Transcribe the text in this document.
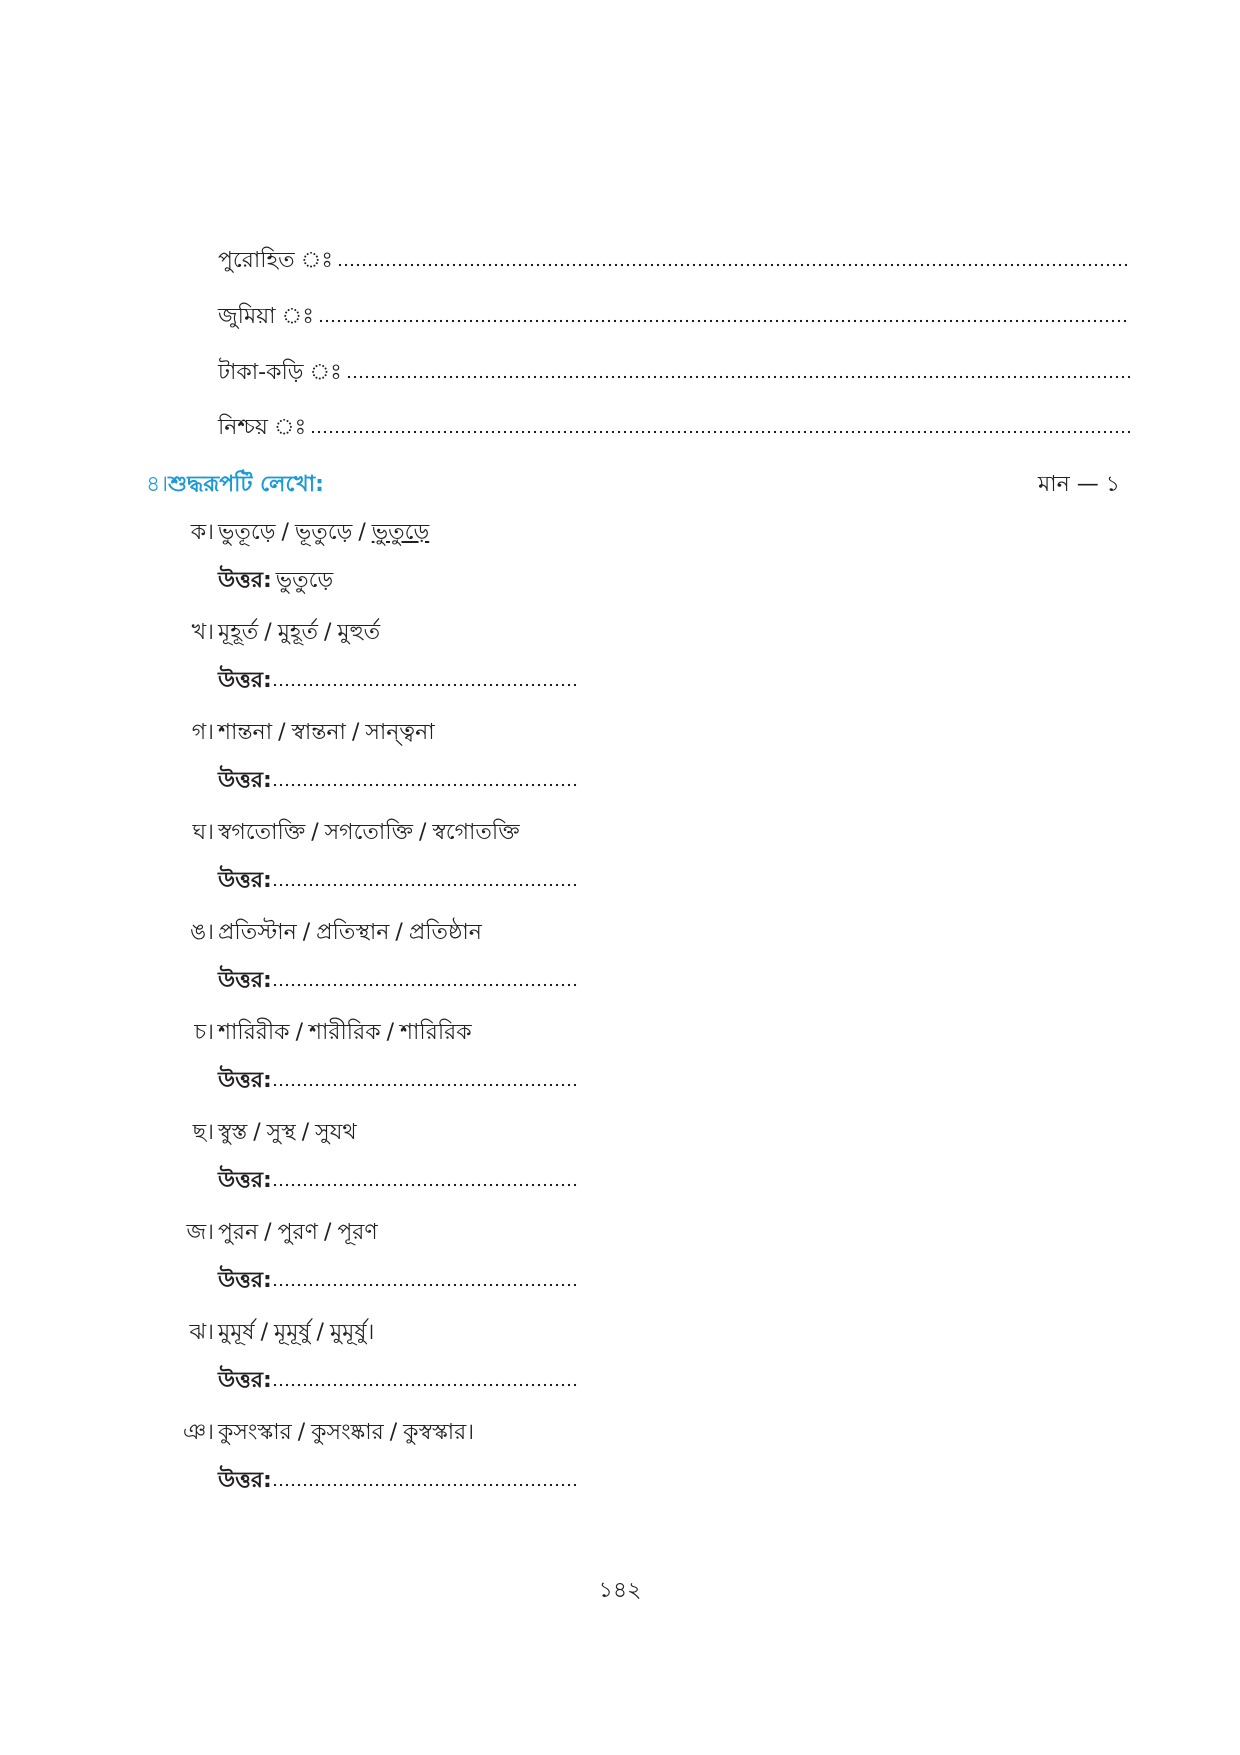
পুরোহিত ঃ
জুমিয়া ঃ
টাকা-কড়ি ঃ
নিশ্চয় ঃ
৪।শুদ্ধরূপটি লেখো:	মান — ১
ক। ভুতূড়ে / ভূতুড়ে / ভুতুড়ে
উত্তর: ভুতুড়ে
খ। মূহূর্ত / মুহূর্ত / মুহুর্ত
উত্তর:
গ। শান্তনা / স্বান্তনা / সান্ত্বনা
উত্তর:
ঘ। স্বগতোক্তি / সগতোক্তি / স্বগোতক্তি
উত্তর:
ঙ। প্রতিস্টান / প্রতিস্থান / প্রতিষ্ঠান
উত্তর:
চ। শারিরীক / শারীরিক / শারিরিক
উত্তর:
ছ। স্বুস্ত / সুস্থ / সুযথ
উত্তর:
জ। পুরন / পুরণ / পূরণ
উত্তর:
ঝ। মুমূর্ষ / মূমূর্ষু / মুমূর্ষু।
উত্তর:
ঞ। কুসংস্কার / কুসংষ্কার / কুস্বস্কার।
উত্তর:
১৪২
